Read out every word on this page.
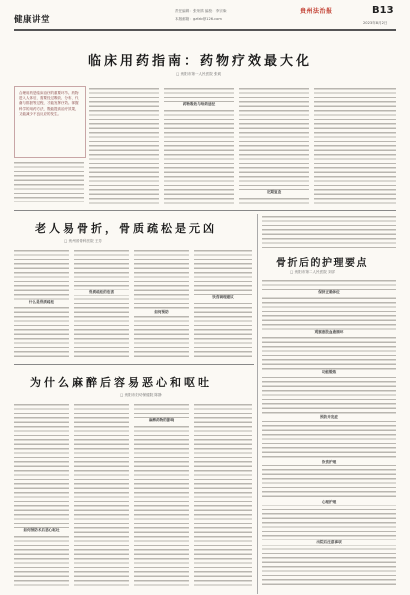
健康讲堂
责任编辑：张荣鸽 编校：李宗柴
本版邮箱：gzfzb@126.com
贵州法治报	B13
2023年8月2日
临床用药指南：药物疗效最大化
□ 贵阳市第一人民医院 张莉
合理用药是临床治疗的重要环节。药物进入人体后，需要经过吸收、分布、代谢与排泄等过程，才能发挥疗效。掌握科学的用药方法，既能提高治疗效果，又能减少不良反应的发生。
药物吸收与给药途径
定期复查
老人易骨折，骨质疏松是元凶
□ 贵州省骨科医院 王芳
什么是骨质疏松
骨质疏松的危害
如何预防
饮食调理建议
骨折后的护理要点
□ 贵阳市第二人民医院 刘洋
保持正确体位
观察患肢血液循环
功能锻炼
预防并发症
饮食护理
心理护理
出院后注意事项
为什么麻醉后容易恶心和呕吐
□ 贵阳市妇幼保健院 陈静
如何预防术后恶心呕吐
麻醉药物的影响
